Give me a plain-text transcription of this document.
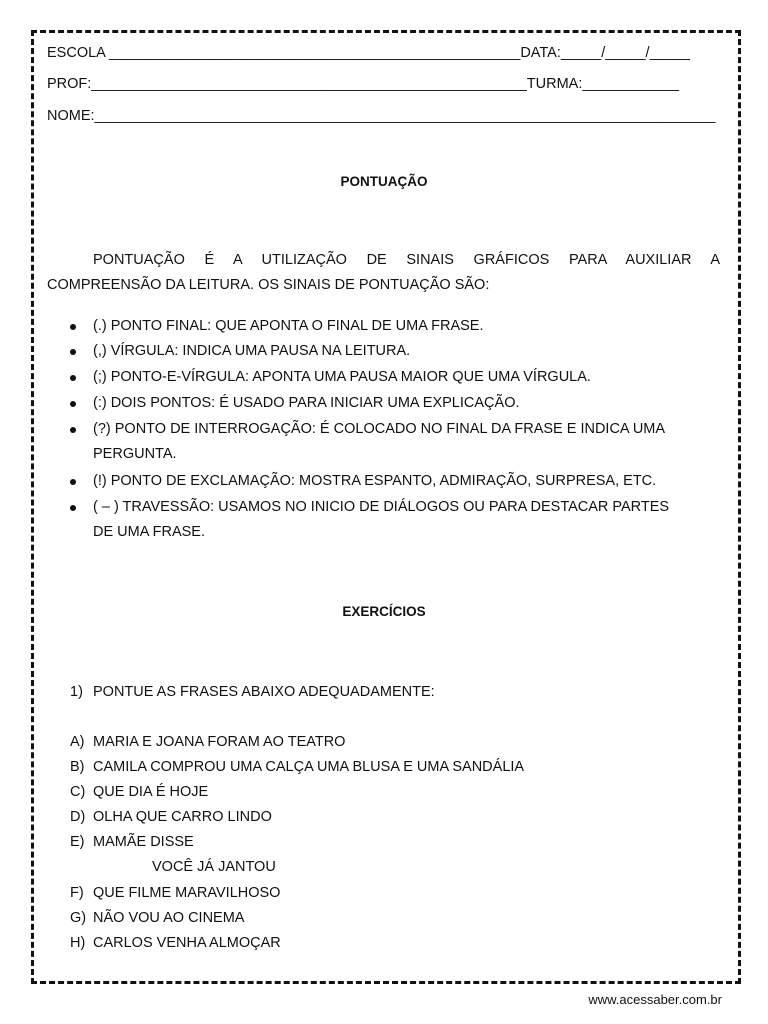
ESCOLA ___________________________________________________DATA:_____/_____/_____
PROF:______________________________________________________TURMA:____________
NOME:_____________________________________________________________________________
PONTUAÇÃO
PONTUAÇÃO É A UTILIZAÇÃO DE SINAIS GRÁFICOS PARA AUXILIAR A
COMPREENSÃO DA LEITURA. OS SINAIS DE PONTUAÇÃO SÃO:
(.) PONTO FINAL: QUE APONTA O FINAL DE UMA FRASE.
(,) VÍRGULA: INDICA UMA PAUSA NA LEITURA.
(;) PONTO-E-VÍRGULA: APONTA UMA PAUSA MAIOR QUE UMA VÍRGULA.
(:) DOIS PONTOS: É USADO PARA INICIAR UMA EXPLICAÇÃO.
(?) PONTO DE INTERROGAÇÃO: É COLOCADO NO FINAL DA FRASE E INDICA UMA
PERGUNTA.
(!) PONTO DE EXCLAMAÇÃO: MOSTRA ESPANTO, ADMIRAÇÃO, SURPRESA, ETC.
( – ) TRAVESSÃO: USAMOS NO INICIO DE DIÁLOGOS OU PARA DESTACAR PARTES
DE UMA FRASE.
EXERCÍCIOS
1) PONTUE AS FRASES ABAIXO ADEQUADAMENTE:
A) MARIA E JOANA FORAM AO TEATRO
B) CAMILA COMPROU UMA CALÇA UMA BLUSA E UMA SANDÁLIA
C) QUE DIA É HOJE
D) OLHA QUE CARRO LINDO
E) MAMÃE DISSE
VOCÊ JÁ JANTOU
F) QUE FILME MARAVILHOSO
G) NÃO VOU AO CINEMA
H) CARLOS VENHA ALMOÇAR
www.acessaber.com.br
